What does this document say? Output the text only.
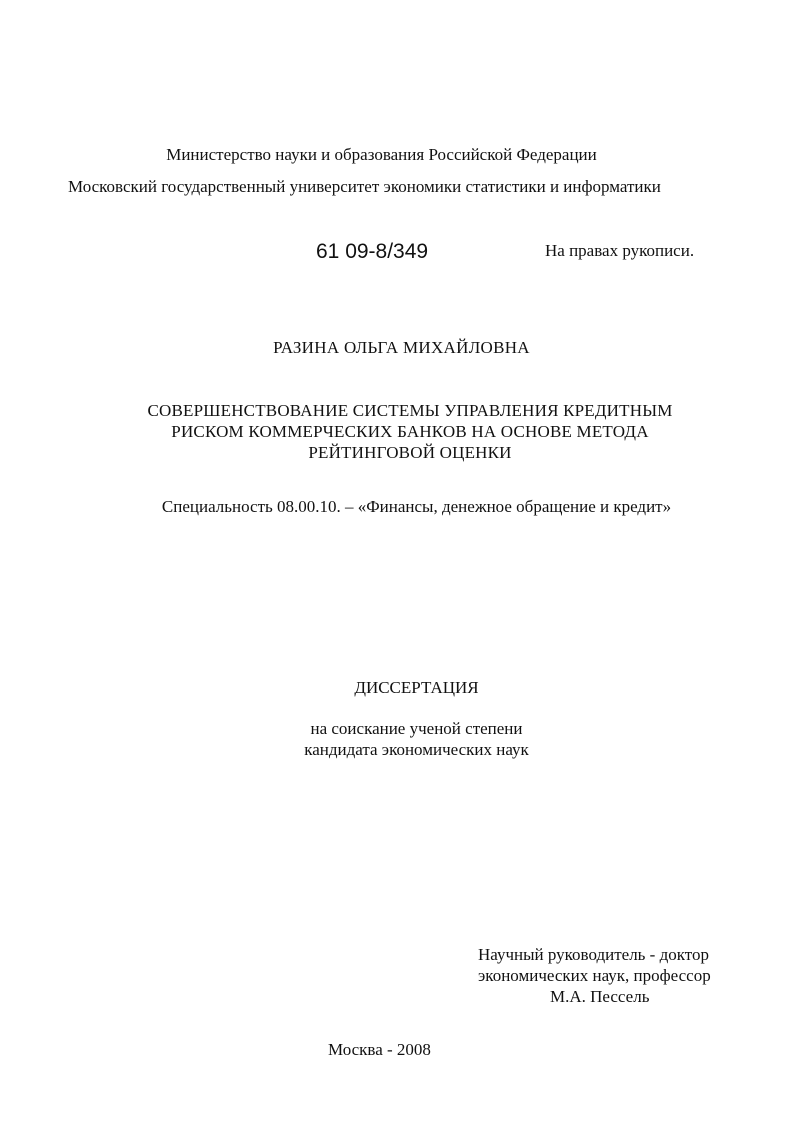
Министерство науки и образования Российской Федерации
Московский государственный университет экономики статистики и информатики
61 09-8/349	На правах рукописи.
РАЗИНА ОЛЬГА МИХАЙЛОВНА
СОВЕРШЕНСТВОВАНИЕ СИСТЕМЫ УПРАВЛЕНИЯ КРЕДИТНЫМ
РИСКОМ КОММЕРЧЕСКИХ БАНКОВ НА ОСНОВЕ МЕТОДА
РЕЙТИНГОВОЙ ОЦЕНКИ
Специальность 08.00.10. – «Финансы, денежное обращение и кредит»
ДИССЕРТАЦИЯ
на соискание ученой степени
кандидата экономических наук
Научный руководитель - доктор
экономических наук, профессор
М.А. Пессель
Москва - 2008
